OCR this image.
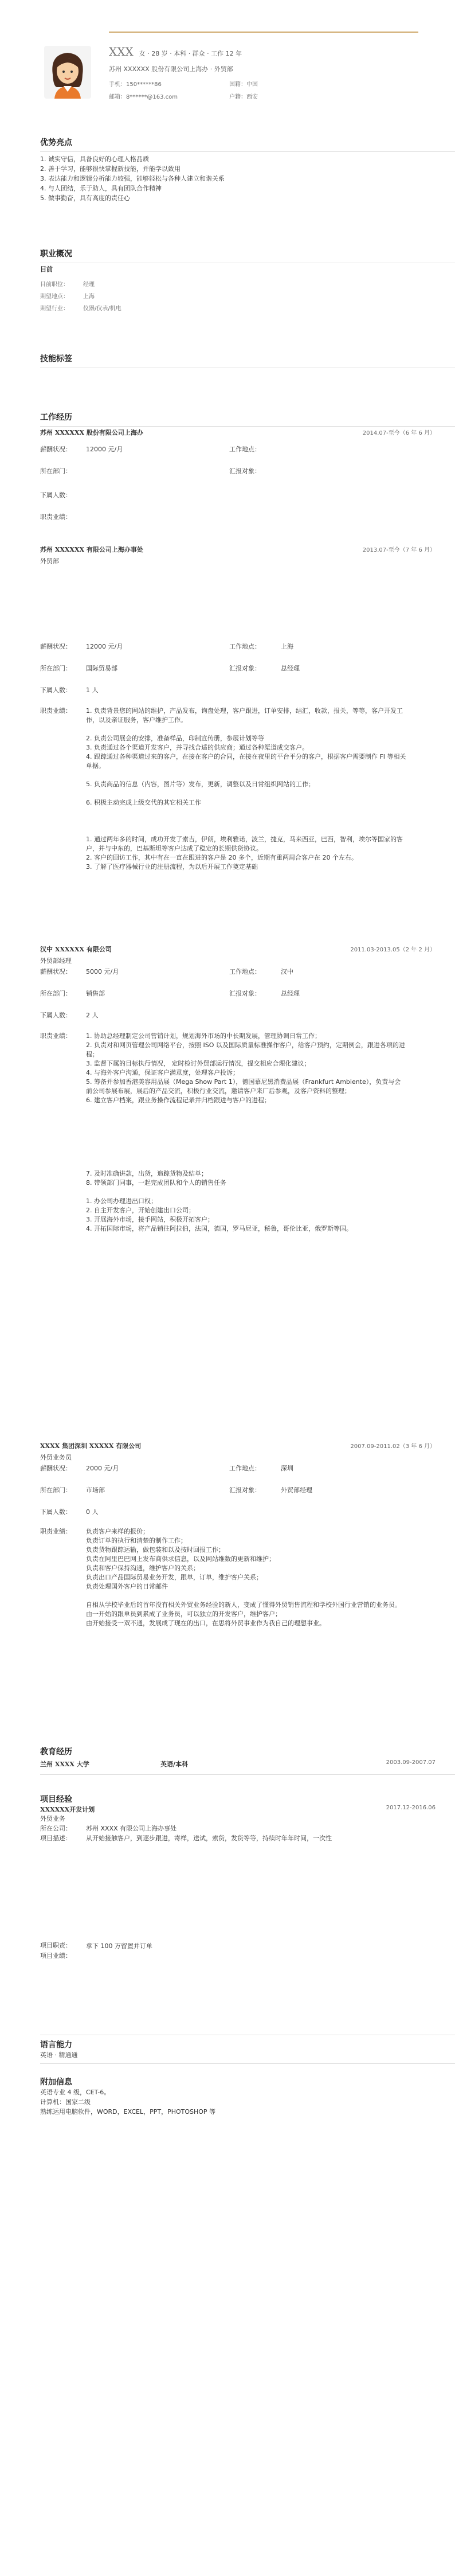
XXX 女 · 28 岁 · 本科 · 群众 · 工作 12 年
苏州 XXXXXX 股份有限公司上海办 · 外贸部
手机：150******86	国籍：中国
邮箱：8******@163.com	户籍：西安
优势亮点
1. 诚实守信，具备良好的心理人格品质
2. 善于学习，能够很快掌握新技能，并能学以致用
3. 表达能力和逻辑分析能力较强，能够轻松与各种人建立和谐关系
4. 与人团结，乐于助人，具有团队合作精神
5. 做事勤奋，具有高度的责任心
职业概况
目前
目前职位：	经理
期望地点：	上海
期望行业：	仪器/仪表/机电
技能标签
工作经历
苏州 XXXXXX 股份有限公司上海办	2014.07-至今（6 年 6 月）
薪酬状况：	12000 元/月	工作地点：
所在部门：	汇报对象：
下属人数：
职责业绩：
苏州 XXXXXX 有限公司上海办事处	2013.07-至今（7 年 6 月）
外贸部
薪酬状况：	12000 元/月	工作地点：	上海
所在部门：	国际贸易部	汇报对象：	总经理
下属人数：	1 人
职责业绩：	1. 负责背景您的网站的维护，产品发布，询盘处理，客户跟进，订单安排，结汇，收款，报关，等等，客户开发工作，以及亲证服务，客户维护工作。
2. 负责公司展会的安排，准备样品，印制宣传册，参展计划等等
3. 负责通过各个渠道开发客户，并寻找合适的供应商；通过各种渠道成交客户。
4. 跟踪通过各种渠道过来的客户，在接在客户的合同，在接在夜里的平台平分的客户，根据客户需要制作 FI 等相关单据。
5. 负责商品的信息（内容，图片等）发布，更新，调整以及日常组织网站的工作；
6. 积极主动完成上级交代的其它相关工作
1. 通过两年多的时间，成功开发了索吉，伊朗，埃利雅诺，波兰，捷克，马来西亚，巴西，智利，埃尔等国家的客户，并与中东的，巴基斯坦等客户达成了稳定的长期供货协议。
2. 客户的回访工作，其中有在一直在跟进的客户是 20 多个，近期有重两周合客户在 20 个左右。
3. 了解了医疗器械行业的注册流程，为以后开展工作奠定基础
汉中 XXXXXX 有限公司	2011.03-2013.05（2 年 2 月）
外贸部经理
薪酬状况：	5000 元/月	工作地点：	汉中
所在部门：	销售部	汇报对象：	总经理
下属人数：	2 人
职责业绩：	1. 协助总经理制定公司营销计划，规划海外市场的中长期发展，管理协调日常工作；
2. 负责对和网页管理公司网络平台，按照 ISO 以及国际质量标准操作客户，给客户预约，定期例会，跟进各项的进程；
3. 监督下属的目标执行情况， 定时检讨外贸部运行情况，提交相应合理化建议；
4. 与海外客户沟通，保证客户满意度，处理客户投诉；
5. 筹备并参加香港美容用品展（Mega Show Part 1），德国慕尼黑消费品展（Frankfurt Ambiente），负责与会前公司参展布展，展后的产品交流，积极行业交流，邀请客户来厂后参观，及客户资料的整理；
6. 建立客户档案，跟业务操作流程记录并归档跟进与客户的进程；
7. 及时准确讲款，出货，追踪货物及结单；
8. 带领部门同事，一起完成团队和个人的销售任务
1. 办公司办理进出口权；
2. 自主开发客户，开始创建出口公司；
3. 开展海外市场，接手网站，积极开拓客户；
4. 开拓国际市场，将产品销往阿拉伯，法国，德国，罗马尼亚，秘鲁，哥伦比亚，俄罗斯等国。
XXXX 集团深圳 XXXXX 有限公司	2007.09-2011.02（3 年 6 月）
外贸业务员
薪酬状况：	2000 元/月	工作地点：	深圳
所在部门：	市场部	汇报对象：	外贸部经理
下属人数：	0 人
职责业绩：	负责客户来样的报价；
负责订单的执行和清楚的制作工作；
负责货物跟踪运输，做包装和以及按时回报工作；
负责在阿里巴巴网上发布商供求信息，以及网站维数的更新和维护；
负责和客户保持沟通，维护客户的关系；
负责出口产品国际贸易业务开发，跟单，订单，维护客户关系；
负责处理国外客户的日常邮件
自相从学校毕业后的首年没有相关外贸业务经验的新人，变成了懂得外贸销售流程和学校外国行业营销的业务员。
由一开始的跟单员到累成了业务员，可以独立的开发客户，维护客户；
由开始接受一双不通，发展成了现在的出口，在思将外贸事业作为我自己的理想事业。
教育经历
兰州 XXXX 大学	英语/本科	2003.09-2007.07
项目经验
XXXXXX开发计划	2017.12-2016.06
外贸业务
所在公司： 苏州 XXXX 有限公司上海办事处
项目描述： 从开始接触客户，到逐步跟进，寄样，送试，索货，发货等等，持续时年年时间，一次性
项目职责：	拿下 100 万留置并订单
项目业绩：
语言能力
英语 · 精通通
附加信息
英语专业 4 级，CET-6。
计算机：国家二级
熟练运用电脑软件，WORD，EXCEL，PPT，PHOTOSHOP 等
